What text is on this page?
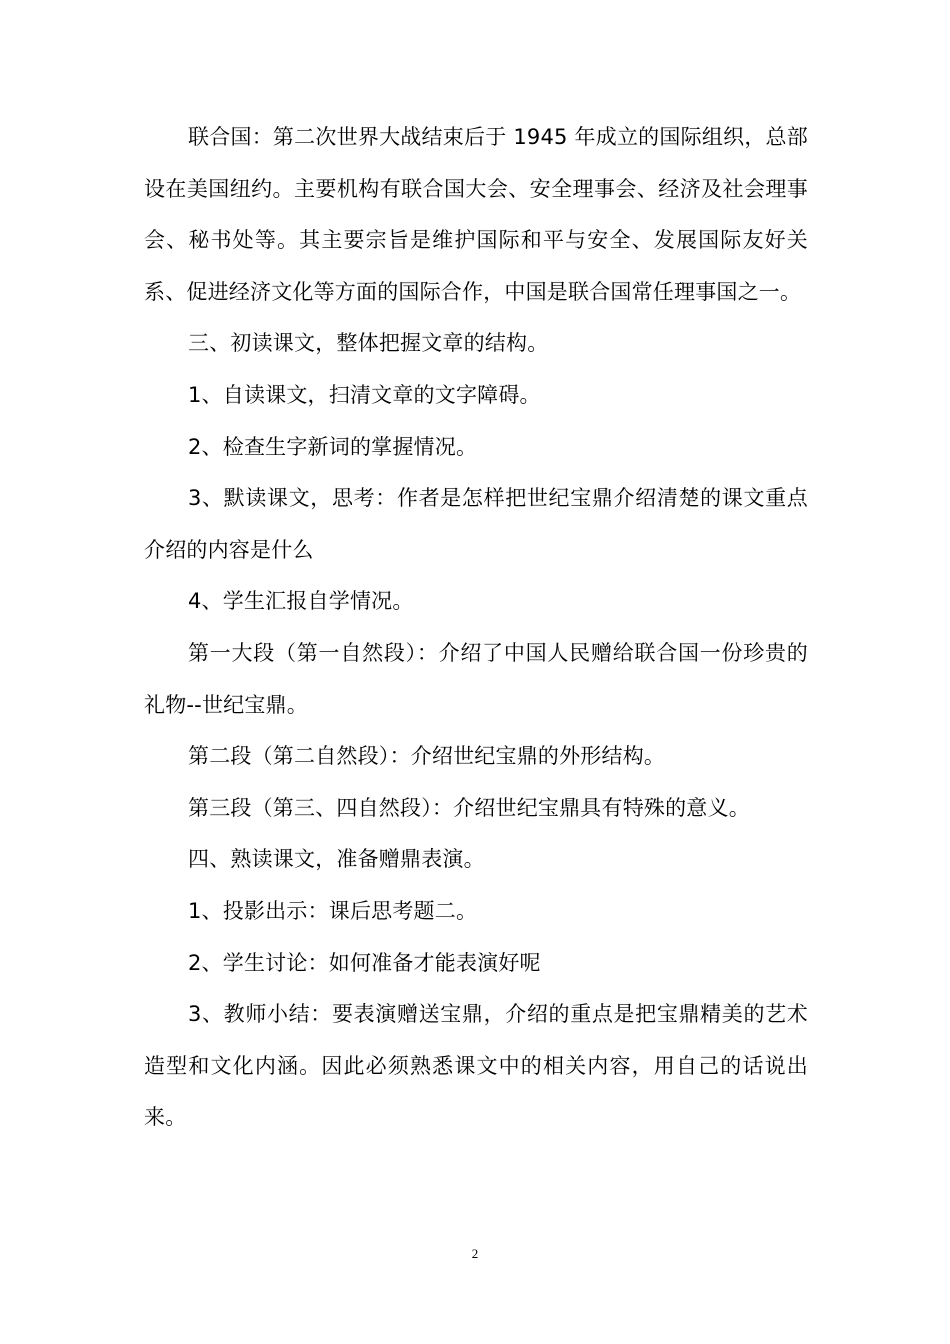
联合国：第二次世界大战结束后于 1945 年成立的国际组织，总部设在美国纽约。主要机构有联合国大会、安全理事会、经济及社会理事会、秘书处等。其主要宗旨是维护国际和平与安全、发展国际友好关系、促进经济文化等方面的国际合作，中国是联合国常任理事国之一。

三、初读课文，整体把握文章的结构。

1、自读课文，扫清文章的文字障碍。

2、检查生字新词的掌握情况。

3、默读课文，思考：作者是怎样把世纪宝鼎介绍清楚的课文重点介绍的内容是什么

4、学生汇报自学情况。

第一大段（第一自然段）：介绍了中国人民赠给联合国一份珍贵的礼物--世纪宝鼎。

第二段（第二自然段）：介绍世纪宝鼎的外形结构。

第三段（第三、四自然段）：介绍世纪宝鼎具有特殊的意义。

四、熟读课文，准备赠鼎表演。

1、投影出示：课后思考题二。

2、学生讨论：如何准备才能表演好呢

3、教师小结：要表演赠送宝鼎，介绍的重点是把宝鼎精美的艺术造型和文化内涵。因此必须熟悉课文中的相关内容，用自己的话说出来。

2
